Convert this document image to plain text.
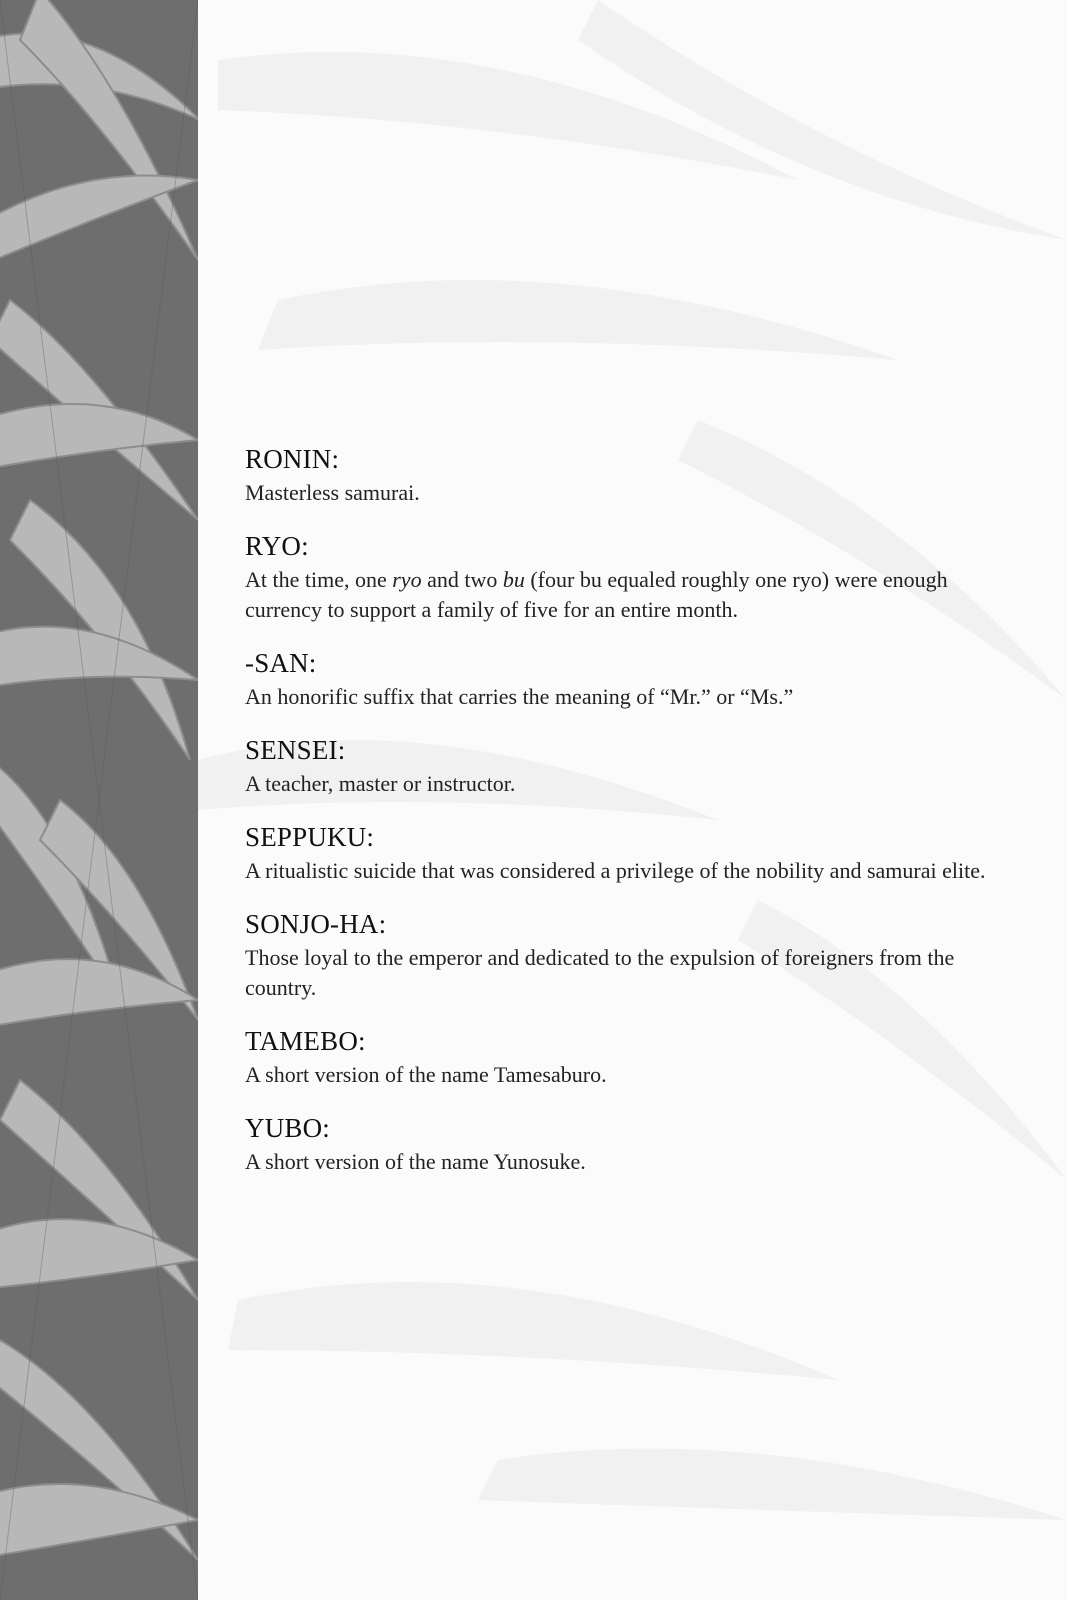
RONIN:

Masterless samurai.

RYO:

At the time, one ryo and two bu (four bu equaled roughly one ryo) were enough currency to support a family of five for an entire month.

-SAN:

An honorific suffix that carries the meaning of “Mr.” or “Ms.”

SENSEI:

A teacher, master or instructor.

SEPPUKU:

A ritualistic suicide that was considered a privilege of the nobility and samurai elite.

SONJO-HA:

Those loyal to the emperor and dedicated to the expulsion of foreigners from the country.

TAMEBO:

A short version of the name Tamesaburo.

YUBO:

A short version of the name Yunosuke.
